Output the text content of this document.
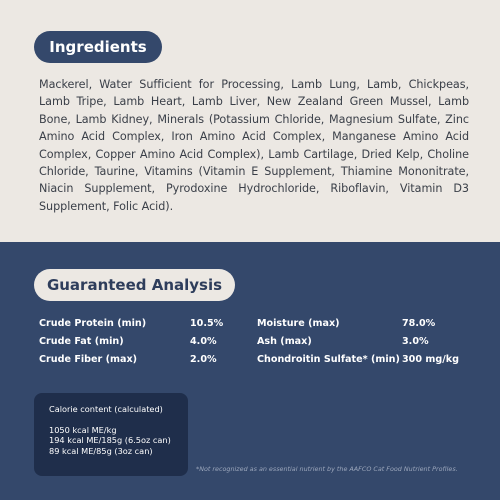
Ingredients

Mackerel, Water Sufficient for Processing, Lamb Lung, Lamb, Chickpeas, Lamb Tripe, Lamb Heart, Lamb Liver, New Zealand Green Mussel, Lamb Bone, Lamb Kidney, Minerals (Potassium Chloride, Magnesium Sulfate, Zinc Amino Acid Complex, Iron Amino Acid Complex, Manganese Amino Acid Complex, Copper Amino Acid Complex), Lamb Cartilage, Dried Kelp, Choline Chloride, Taurine, Vitamins (Vitamin E Supplement, Thiamine Mononitrate, Niacin Supplement, Pyrodoxine Hydrochloride, Riboflavin, Vitamin D3 Supplement, Folic Acid).

Guaranteed Analysis
Crude Protein (min)	10.5%	Moisture (max)	78.0%
Crude Fat (min)	4.0%	Ash (max)	3.0%
Crude Fiber (max)	2.0%	Chondroitin Sulfate* (min) 300 mg/kg
Calorie content (calculated)
1050 kcal ME/kg
194 kcal ME/185g (6.5oz can)
89 kcal ME/85g (3oz can)
*Not recognized as an essential nutrient by the AAFCO Cat Food Nutrient Profiles.
